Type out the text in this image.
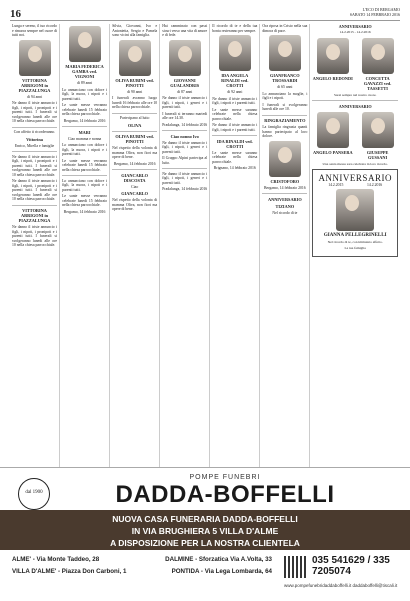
16	L'ECO DI BERGAMO
SABATO 14 FEBBRAIO 2016

Lunga e sereno, il tuo ricordo e rimarra sempre nel cuore di tutti noi.

VITTORINA ARRIGONI in PIAZZALUNGA

di 94 anni

Ne danno il triste annuncio i figli, i nipoti, i pronipoti e i parenti tutti. I funerali si svolgeranno lunedi alle ore 10 nella chiesa parrocchiale.

Con affetto ti ricorderanno.

Vittorina

Enrico, Mirella e famiglie

Ne danno il triste annuncio i figli, i nipoti, i pronipoti e i parenti tutti. I funerali si svolgeranno lunedi alle ore 10 nella chiesa parrocchiale.

Ne danno il triste annuncio i figli, i nipoti, i pronipoti e i parenti tutti. I funerali si svolgeranno lunedi alle ore 10 nella chiesa parrocchiale.

VITTORINA ARRIGONI in PIAZZALUNGA

Ne danno il triste annuncio i figli, i nipoti, i pronipoti e i parenti tutti. I funerali si svolgeranno lunedi alle ore 10 nella chiesa parrocchiale.

MARIA FEDERICA GAMBA ved. VIGNONI

di 89 anni

Lo annunciano con dolore i figli, la nuora, i nipoti e i parenti tutti.

Le sante messe verranno celebrate lunedi 15 febbraio nella chiesa parrocchiale.

Bergamo, 14 febbraio 2016

MARI

Ciao mamma e nonna

Lo annunciano con dolore i figli, la nuora, i nipoti e i parenti tutti.

Le sante messe verranno celebrate lunedi 15 febbraio nella chiesa parrocchiale.

Lo annunciano con dolore i figli, la nuora, i nipoti e i parenti tutti.

Le sante messe verranno celebrate lunedi 15 febbraio nella chiesa parrocchiale.

Bergamo, 14 febbraio 2016

Silvia, Giovanni, Ivo e Antonietta, Sergio e Pamela sono vicini alla famiglia.

OLIVA RUBINI ved. PINOTTI

di 90 anni

I funerali avranno luogo lunedi 16 febbraio alle ore 10 nella chiesa parrocchiale.

Partecipano al lutto

OLIVA
OLIVA RUBINI ved. PINOTTI

Nel rispetto della volonta di mamma Oliva, non fiori ma opere di bene.

Bergamo, 14 febbraio 2016

GIANCARLO DISCOSTA

Ciao

GIANCARLO

Nel rispetto della volonta di mamma Oliva, non fiori ma opere di bene.

Hai camminato con passi sicuri verso una vita di amore e di fede.

GIOVANNI GUALANDRIS

di 87 anni

Ne danno il triste annuncio i figli, i nipoti, i generi e i parenti tutti.

I funerali si terranno martedi alle ore 14.30.

Pradalunga, 14 febbraio 2016

Ciao nonno Ivo

Ne danno il triste annuncio i figli, i nipoti, i generi e i parenti tutti.

Il Gruppo Alpini partecipa al lutto.

Ne danno il triste annuncio i figli, i nipoti, i generi e i parenti tutti.

Pradalunga, 14 febbraio 2016

Il ricordo di te e della tua bonta resteranno per sempre.

IDA ANGELA RINALDI ved. CROTTI

di 92 anni

Ne danno il triste annuncio i figli, i nipoti e i parenti tutti.

Le sante messe saranno celebrate nella chiesa parrocchiale.

Ne danno il triste annuncio i figli, i nipoti e i parenti tutti.

IDA RINALDI ved. CROTTI

Le sante messe saranno celebrate nella chiesa parrocchiale.

Brignano, 14 febbraio 2016

Ora riposa in Cristo nella sua dimora di pace.

GIANFRANCO TROSSARDI

di 65 anni

Lo annunciano la moglie, i figli e i nipoti.

I funerali si svolgeranno lunedi alle ore 10.

RINGRAZIAMENTO

La famiglia ringrazia quanti hanno partecipato al loro dolore.

CRISTOFORO

Bergamo, 14 febbraio 2016

ANNIVERSARIO
TIZIANO

Nel ricordo di te

ANNIVERSARIO

14.2.2015 - 14.2.2016

ANGELO REDONDI	CONCETTA GAVAZZI ved. TASSETTI

Sarai sempre nel nostro cuore.

ANNIVERSARIO
ANGELO PANSERA	GIUSEPPE GUSSANI

Una santa messa sara celebrata in loro ricordo.

ANNIVERSARIO
14.2.2015	14.2.2016
GIANNA PELLEGRINELLI

Nel ricordo di te, con immutato affetto.

La tua famiglia

dal 1900
POMPE FUNEBRI
DADDA-BOFFELLI
NUOVA CASA FUNERARIA DADDA-BOFFELLI
IN VIA BRUGHIERA 5 VILLA D'ALME
A DISPOSIZIONE PER LA NOSTRA CLIENTELA
ALME' - Via Monte Taddeo, 28	DALMINE - Sforzatica Via A.Volta, 33
VILLA D'ALME' - Piazza Don Carboni, 1	PONTIDA - Via Lega Lombarda, 64
035 541629 / 335 7205074
www.pompefunebridaddaboffelli.it daddaboffelli@tiscali.it
